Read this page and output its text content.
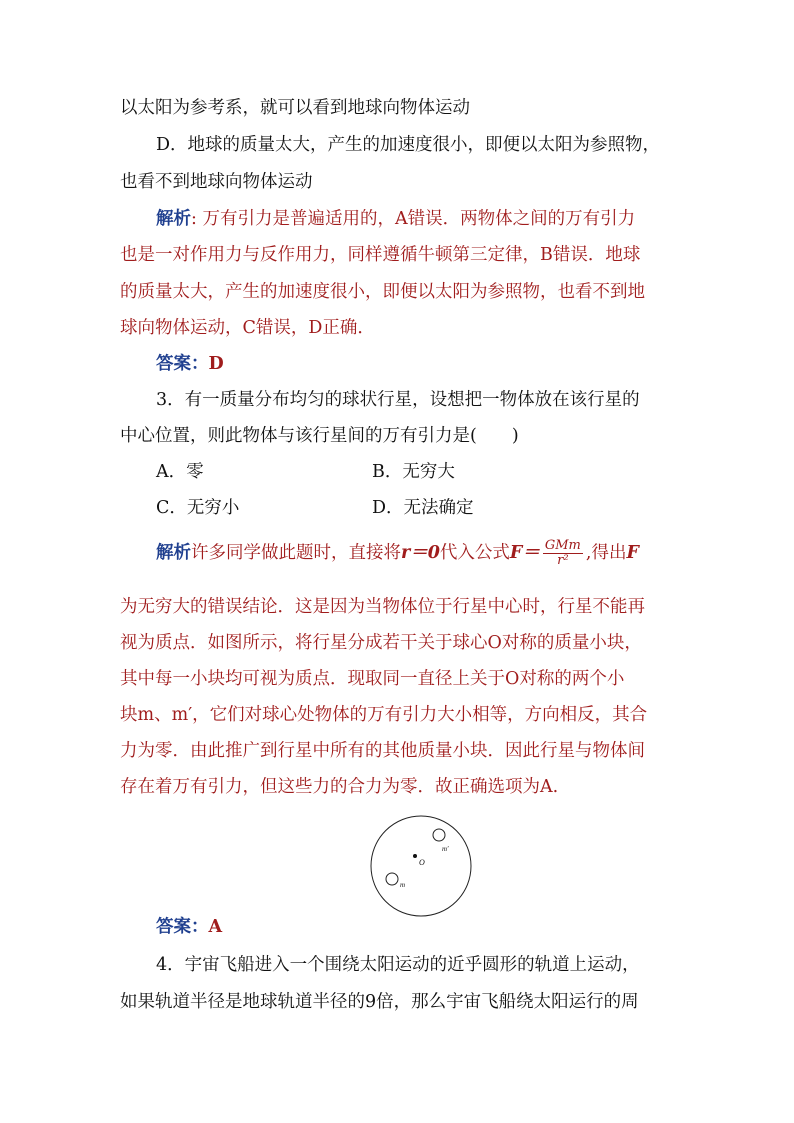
以太阳为参考系，就可以看到地球向物体运动
D．地球的质量太大，产生的加速度很小，即便以太阳为参照物，
也看不到地球向物体运动
解析: 万有引力是普遍适用的，A错误．两物体之间的万有引力
也是一对作用力与反作用力，同样遵循牛顿第三定律，B错误．地球
的质量太大，产生的加速度很小，即便以太阳为参照物，也看不到地
球向物体运动，C错误，D正确．
答案：D
3．有一质量分布均匀的球状行星，设想把一物体放在该行星的
中心位置，则此物体与该行星间的万有引力是(　　)
A．零	B．无穷大
C．无穷小	D．无法确定
解析许多同学做此题时，直接将r＝0代入公式$F= \frac{\text{GMm}}{\text{r²}}$ ,得出F
为无穷大的错误结论．这是因为当物体位于行星中心时，行星不能再
视为质点．如图所示，将行星分成若干关于球心O对称的质量小块，
其中每一小块均可视为质点．现取同一直径上关于O对称的两个小
块m、m′，它们对球心处物体的万有引力大小相等，方向相反，其合
力为零．由此推广到行星中所有的其他质量小块．因此行星与物体间
存在着万有引力，但这些力的合力为零．故正确选项为A.
O
m′
m
答案：A
4．宇宙飞船进入一个围绕太阳运动的近乎圆形的轨道上运动，
如果轨道半径是地球轨道半径的9倍，那么宇宙飞船绕太阳运行的周
